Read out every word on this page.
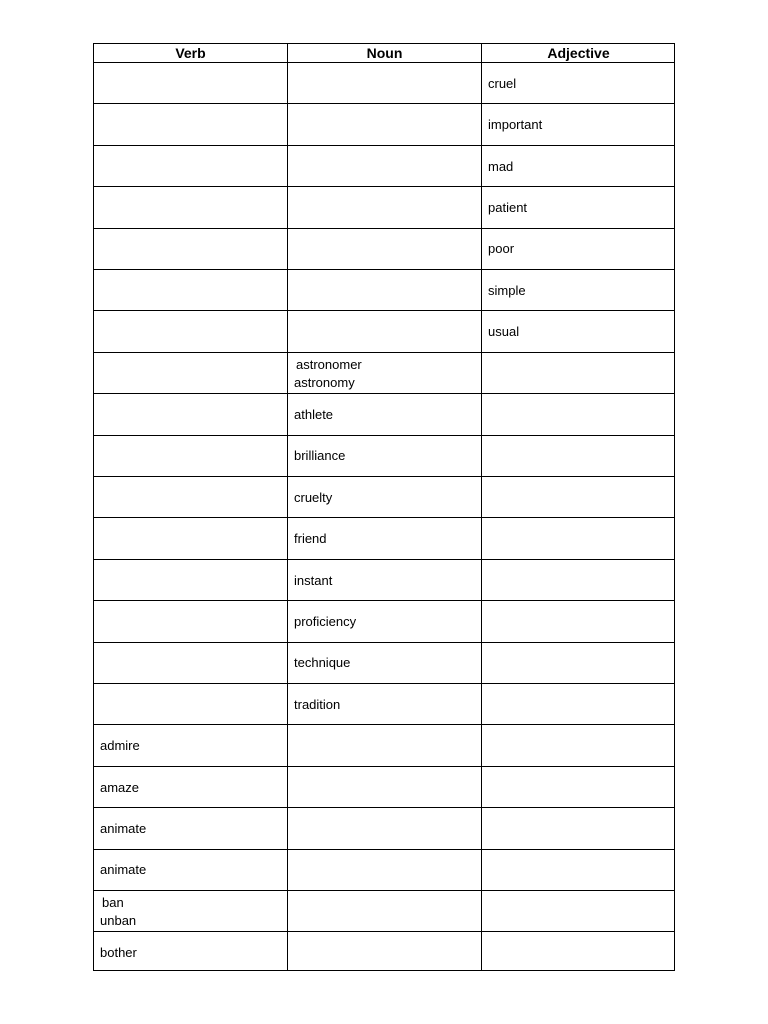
Verb	Noun	Adjective
cruel
important
mad
patient
poor
simple
usual
astronomer
astronomy
athlete
brilliance
cruelty
friend
instant
proficiency
technique
tradition
admire
amaze
animate
animate
ban
unban
bother
